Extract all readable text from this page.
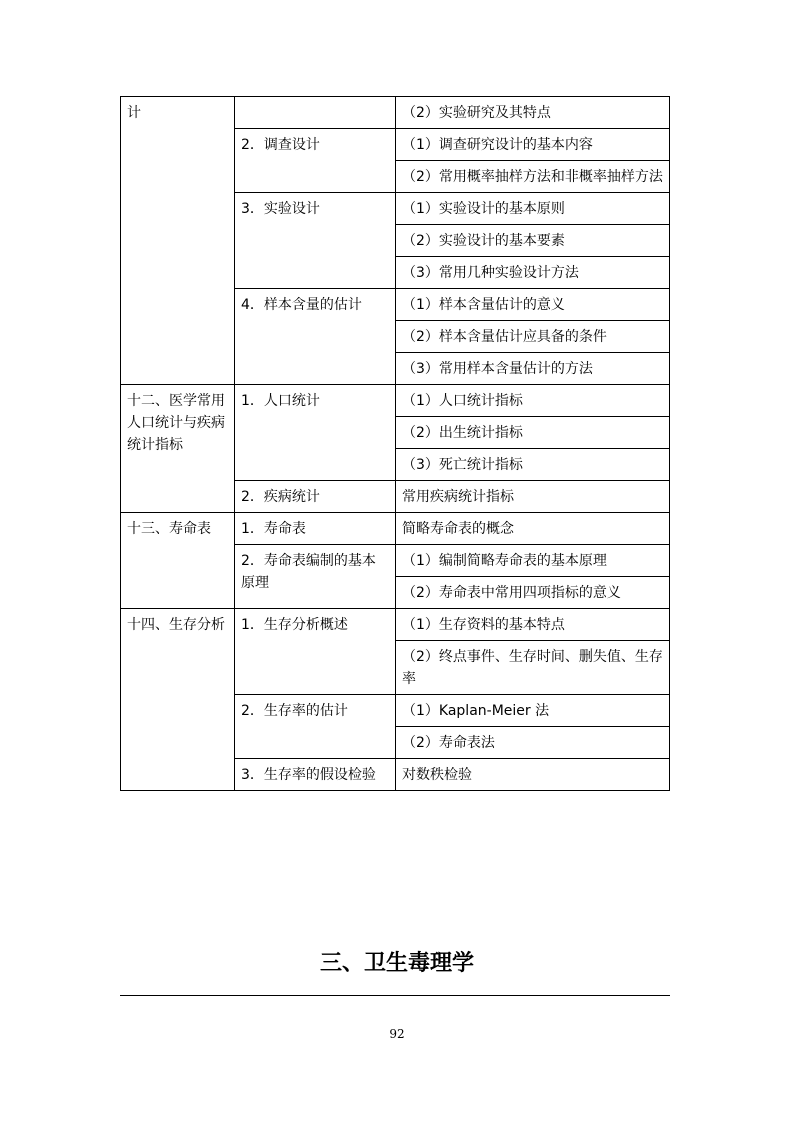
计		（2）实验研究及其特点
	2．调查设计	（1）调查研究设计的基本内容
		（2）常用概率抽样方法和非概率抽样方法
	3．实验设计	（1）实验设计的基本原则
		（2）实验设计的基本要素
		（3）常用几种实验设计方法
	4．样本含量的估计	（1）样本含量估计的意义
		（2）样本含量估计应具备的条件
		（3）常用样本含量估计的方法
十二、医学常用人口统计与疾病统计指标	1．人口统计	（1）人口统计指标
		（2）出生统计指标
		（3）死亡统计指标
	2．疾病统计	常用疾病统计指标
十三、寿命表	1．寿命表	简略寿命表的概念
	2．寿命表编制的基本原理	（1）编制简略寿命表的基本原理
		（2）寿命表中常用四项指标的意义
十四、生存分析	1．生存分析概述	（1）生存资料的基本特点
		（2）终点事件、生存时间、删失值、生存率
	2．生存率的估计	（1）Kaplan-Meier 法
		（2）寿命表法
	3．生存率的假设检验	对数秩检验
三、卫生毒理学
92
